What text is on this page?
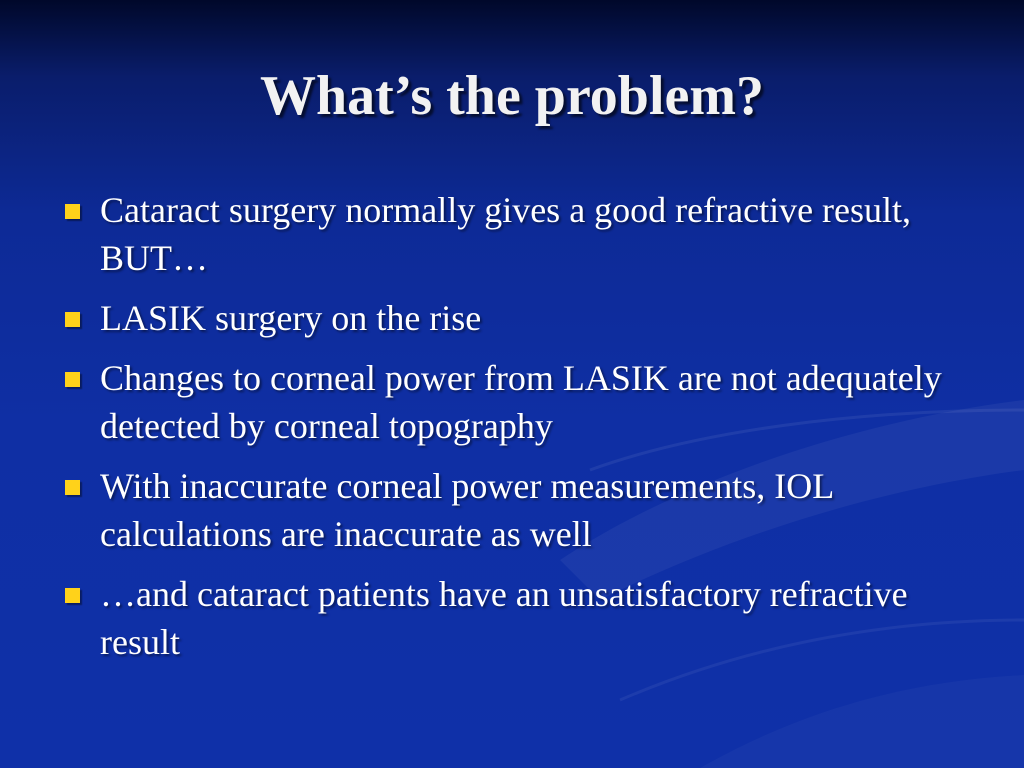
What’s the problem?
Cataract surgery normally gives a good refractive result, BUT…
LASIK surgery on the rise
Changes to corneal power from LASIK are not adequately detected by corneal topography
With inaccurate corneal power measurements, IOL calculations are inaccurate as well
…and cataract patients have an unsatisfactory refractive result
